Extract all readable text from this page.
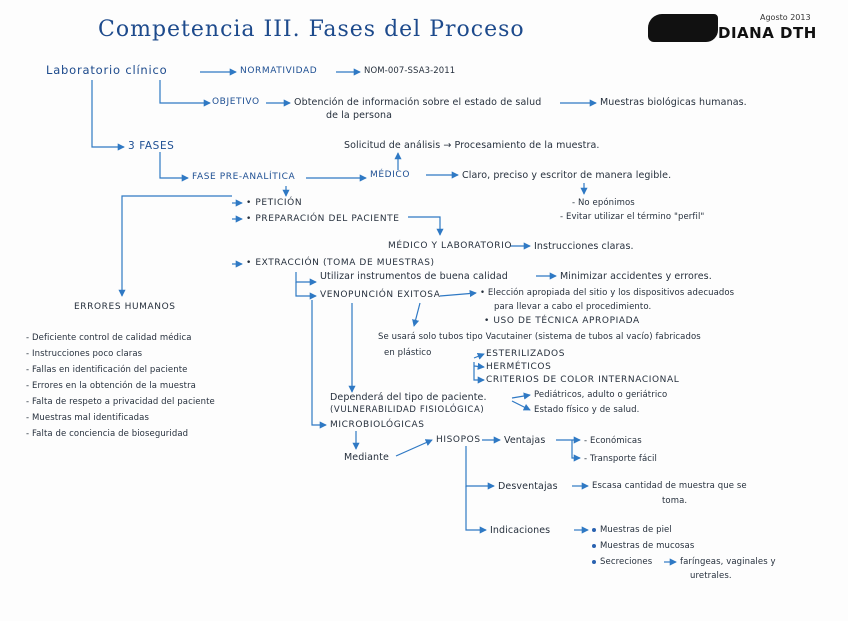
Competencia III. Fases del Proceso	Agosto 2013
DIANA DTH
Laboratorio clínico	NORMATIVIDAD	NOM-007-SSA3-2011
OBJETIVO	Obtención de información sobre el estado de salud
de la persona
Muestras biológicas humanas.
3 FASES	Solicitud de análisis → Procesamiento de la muestra.
FASE PRE-ANALÍTICA	MÉDICO	Claro, preciso y escritor de manera legible.
- No epónimos
- Evitar utilizar el término "perfil"
• PETICIÓN
• PREPARACIÓN DEL PACIENTE
MÉDICO Y LABORATORIO Instrucciones claras.
• EXTRACCIÓN (TOMA DE MUESTRAS)
Utilizar instrumentos de buena calidad	Minimizar accidentes y errores.
VENOPUNCIÓN EXITOSA	• Elección apropiada del sitio y los dispositivos adecuados
para llevar a cabo el procedimiento.
• USO DE TÉCNICA APROPIADA
Se usará solo tubos tipo Vacutainer (sistema de tubos al vacío) fabricados
en plástico	ESTERILIZADOS
HERMÉTICOS
CRITERIOS DE COLOR INTERNACIONAL
Dependerá del tipo de paciente.
(VULNERABILIDAD FISIOLÓGICA)
Pediátricos, adulto o geriátrico
Estado físico y de salud.
MICROBIOLÓGICAS
Mediante
HISOPOS Ventajas	- Económicas
- Transporte fácil
Desventajas	Escasa cantidad de muestra que se
toma.
Indicaciones	Muestras de piel
Muestras de mucosas
Secreciones	faríngeas, vaginales y
uretrales.
ERRORES HUMANOS
- Deficiente control de calidad médica
- Instrucciones poco claras
- Fallas en identificación del paciente
- Errores en la obtención de la muestra
- Falta de respeto a privacidad del paciente
- Muestras mal identificadas
- Falta de conciencia de bioseguridad
